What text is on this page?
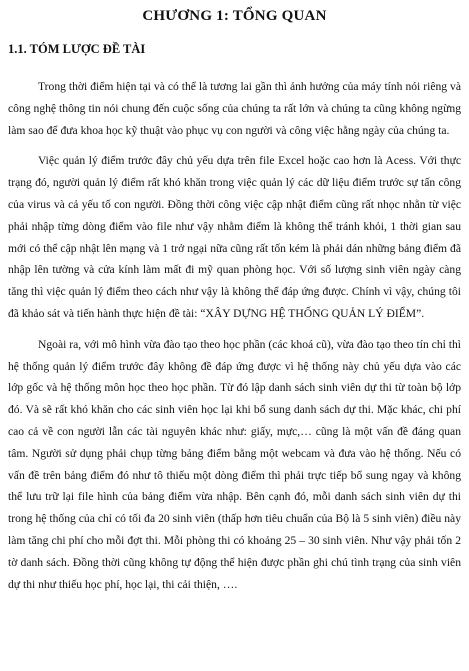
CHƯƠNG 1: TỔNG QUAN
1.1. TÓM LƯỢC ĐỀ TÀI

Trong thời điểm hiện tại và có thể là tương lai gần thì ảnh hưởng của máy tính nói riêng và công nghệ thông tin nói chung đến cuộc sống của chúng ta rất lớn và chúng ta cũng không ngừng làm sao để đưa khoa học kỹ thuật vào phục vụ con người và công việc hằng ngày của chúng ta.

Việc quản lý điểm trước đây chủ yếu dựa trên file Excel hoặc cao hơn là Acess. Với thực trạng đó, người quản lý điểm rất khó khăn trong việc quản lý các dữ liệu điểm trước sự tấn công của virus và cả yếu tố con người. Đồng thời công việc cập nhật điểm cũng rất nhọc nhằn từ việc phải nhập từng dòng điểm vào file như vậy nhằm điểm là không thể tránh khỏi, 1 thời gian sau mới có thể cập nhật lên mạng và 1 trở ngại nữa cũng rất tốn kém là phải dán những bảng điểm đã nhập lên tường và cửa kính làm mất đi mỹ quan phòng học. Với số lượng sinh viên ngày càng tăng thì việc quản lý điểm theo cách như vậy là không thể đáp ứng được. Chính vì vậy, chúng tôi đã khảo sát và tiến hành thực hiện đề tài: “XÂY DỰNG HỆ THỐNG QUẢN LÝ ĐIỂM”.

Ngoài ra, với mô hình vừa đào tạo theo học phần (các khoá cũ), vừa đào tạo theo tín chỉ thì hệ thống quản lý điểm trước đây không đề đáp ứng được vì hệ thống này chủ yếu dựa vào các lớp gốc và hệ thống môn học theo học phần. Từ đó lập danh sách sinh viên dự thi từ toàn bộ lớp đó. Và sẽ rất khó khăn cho các sinh viên học lại khi bổ sung danh sách dự thi. Mặc khác, chi phí cao cả về con người lẫn các tài nguyên khác như: giấy, mực,… cũng là một vấn đề đáng quan tâm. Người sử dụng phải chụp từng bảng điểm bằng một webcam và đưa vào hệ thống. Nếu có vấn đề trên bảng điểm đó như tô thiếu một dòng điểm thì phải trực tiếp bổ sung ngay và không thể lưu trữ lại file hình của bảng điểm vừa nhập. Bên cạnh đó, mỗi danh sách sinh viên dự thi trong hệ thống của chỉ có tối đa 20 sinh viên (thấp hơn tiêu chuẩn của Bộ là 5 sinh viên) điều này làm tăng chi phí cho mỗi đợt thi. Mỗi phòng thi có khoảng 25 – 30 sinh viên. Như vậy phải tốn 2 tờ danh sách. Đồng thời cũng không tự động thể hiện được phần ghi chú tình trạng của sinh viên dự thi như thiếu học phí, học lại, thi cải thiện, ….
